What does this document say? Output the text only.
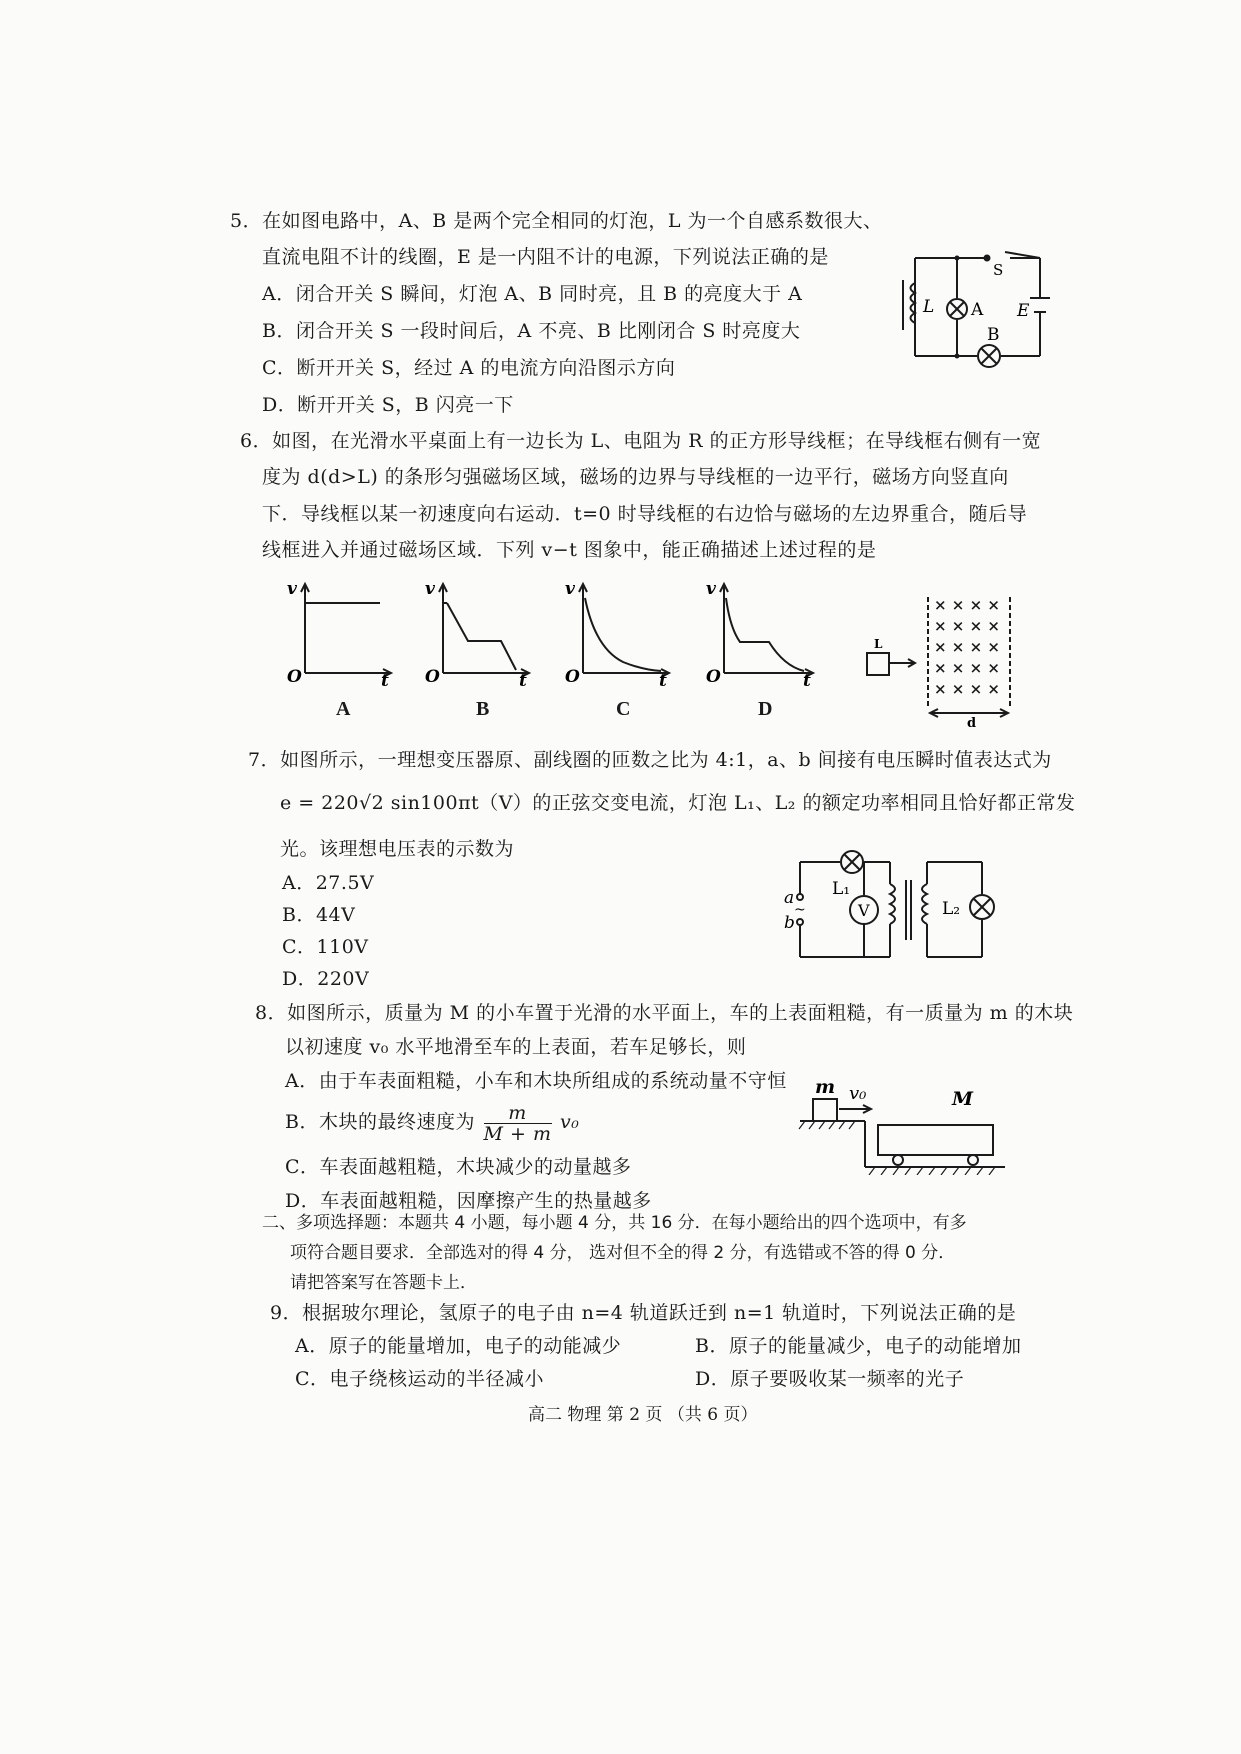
5．在如图电路中，A、B 是两个完全相同的灯泡，L 为一个自感系数很大、
直流电阻不计的线圈，E 是一内阻不计的电源，下列说法正确的是
A．闭合开关 S 瞬间，灯泡 A、B 同时亮，且 B 的亮度大于 A
B．闭合开关 S 一段时间后，A 不亮、B 比刚闭合 S 时亮度大
C．断开开关 S，经过 A 的电流方向沿图示方向
D．断开开关 S，B 闪亮一下
L A
S
B
E
6．如图，在光滑水平桌面上有一边长为 L、电阻为 R 的正方形导线框；在导线框右侧有一宽
度为 d(d>L) 的条形匀强磁场区域，磁场的边界与导线框的一边平行，磁场方向竖直向
下．导线框以某一初速度向右运动．t=0 时导线框的右边恰与磁场的左边界重合，随后导
线框进入并通过磁场区域．下列 v−t 图象中，能正确描述上述过程的是
v
O	t
A
v
O	t
B
v
O	t
C
v
O	t
D
L
d
× × × ×
× × × ×
× × × ×
× × × ×
× × × ×
7．如图所示，一理想变压器原、副线圈的匝数之比为 4:1，a、b 间接有电压瞬时值表达式为
e = 220√2 sin100πt（V）的正弦交变电流，灯泡 L₁、L₂ 的额定功率相同且恰好都正常发
光。该理想电压表的示数为
A．27.5V
B．44V
C．110V
D．220V
a
b
~
L₁
V	L₂
8．如图所示，质量为 M 的小车置于光滑的水平面上，车的上表面粗糙，有一质量为 m 的木块
以初速度 v₀ 水平地滑至车的上表面，若车足够长，则
A．由于车表面粗糙，小车和木块所组成的系统动量不守恒
B．木块的最终速度为 $\frac{m}{M + m} v_0$
C．车表面越粗糙，木块减少的动量越多
D．车表面越粗糙，因摩擦产生的热量越多
m v₀	M
二、多项选择题：本题共 4 小题，每小题 4 分，共 16 分．在每小题给出的四个选项中，有多
项符合题目要求．全部选对的得 4 分， 选对但不全的得 2 分，有选错或不答的得 0 分．
请把答案写在答题卡上．
9．根据玻尔理论，氢原子的电子由 n=4 轨道跃迁到 n=1 轨道时，下列说法正确的是
A．原子的能量增加，电子的动能减少	B．原子的能量减少，电子的动能增加
C．电子绕核运动的半径减小	D．原子要吸收某一频率的光子
高二 物理 第 2 页 （共 6 页）
